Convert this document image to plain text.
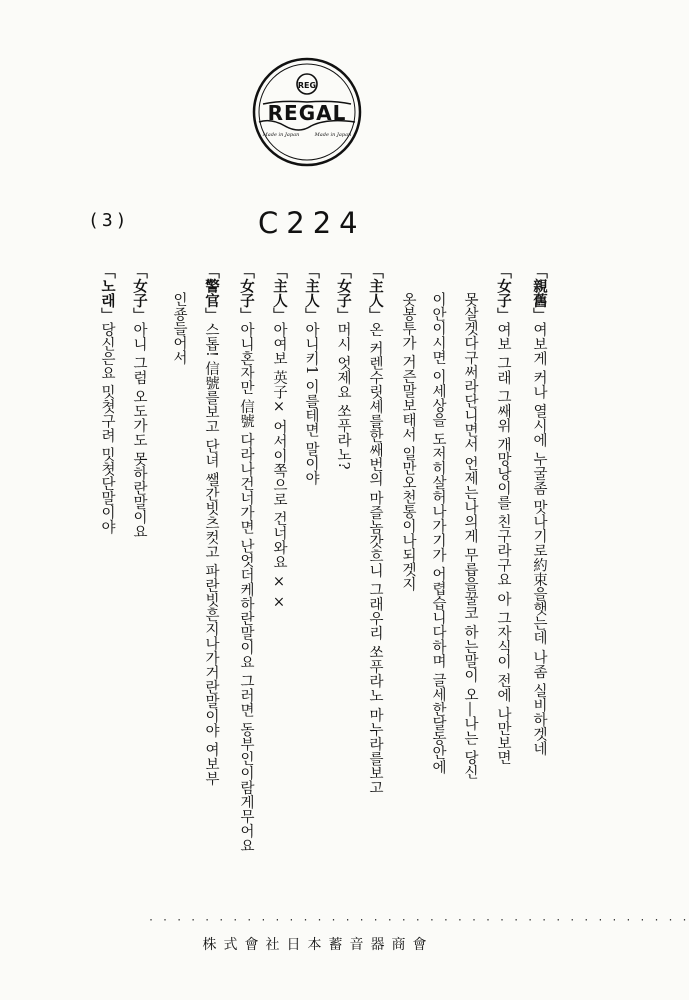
REG
REGAL
Made in Japan	Made in Japan
(3)	C224
「親舊」여보게 커나 열시에 누굴좀 맛나기로約束을햇는데 나좀 실비하겟네
「女子」여보 그래 그쌔위 개망낭이를 친구라구요 아 그자식이 전에 나만보면
못살겟다구써라단니면서 언제는나의게 무릅을꿀코 하는말이 오―나는 당신
이안이시면 이세상을 도저히살허나가기가 어렵습니다하며 글세한달동안에
옷봉투가 거즌말보태서 일만오천통이나되겟지
「主人」온 커렌수릿셰를한쌔번의 마즐놈갓흐니 그래우리 쏘푸라노 마누라를보고
「女子」머시 엇제요 쏘푸라노?
「主人」아니키1 이를테면 말이야
「主人」아여보 英子× 어서이쪽으로 건너와요 × ×
「女子」아니혼자만 信號 다라나건너가면 난엇더케하란말이요 그러면 동부인이람게무어요
「警官」스톱! 信號를보고 단녀 쌜간빗츠컷고 파란빗흔지나가거란말이야 여보부
인죵들어서
「女子」아니 그럼 오도가도 못하란말이요
「노래」당신은요 밋쳣구려 밋쳣단말이야
· · · · · · · · · · · · · · · · · · · · · · · · · · · · · · · · · · · · · · ·
株式會社日本蓄音器商會
